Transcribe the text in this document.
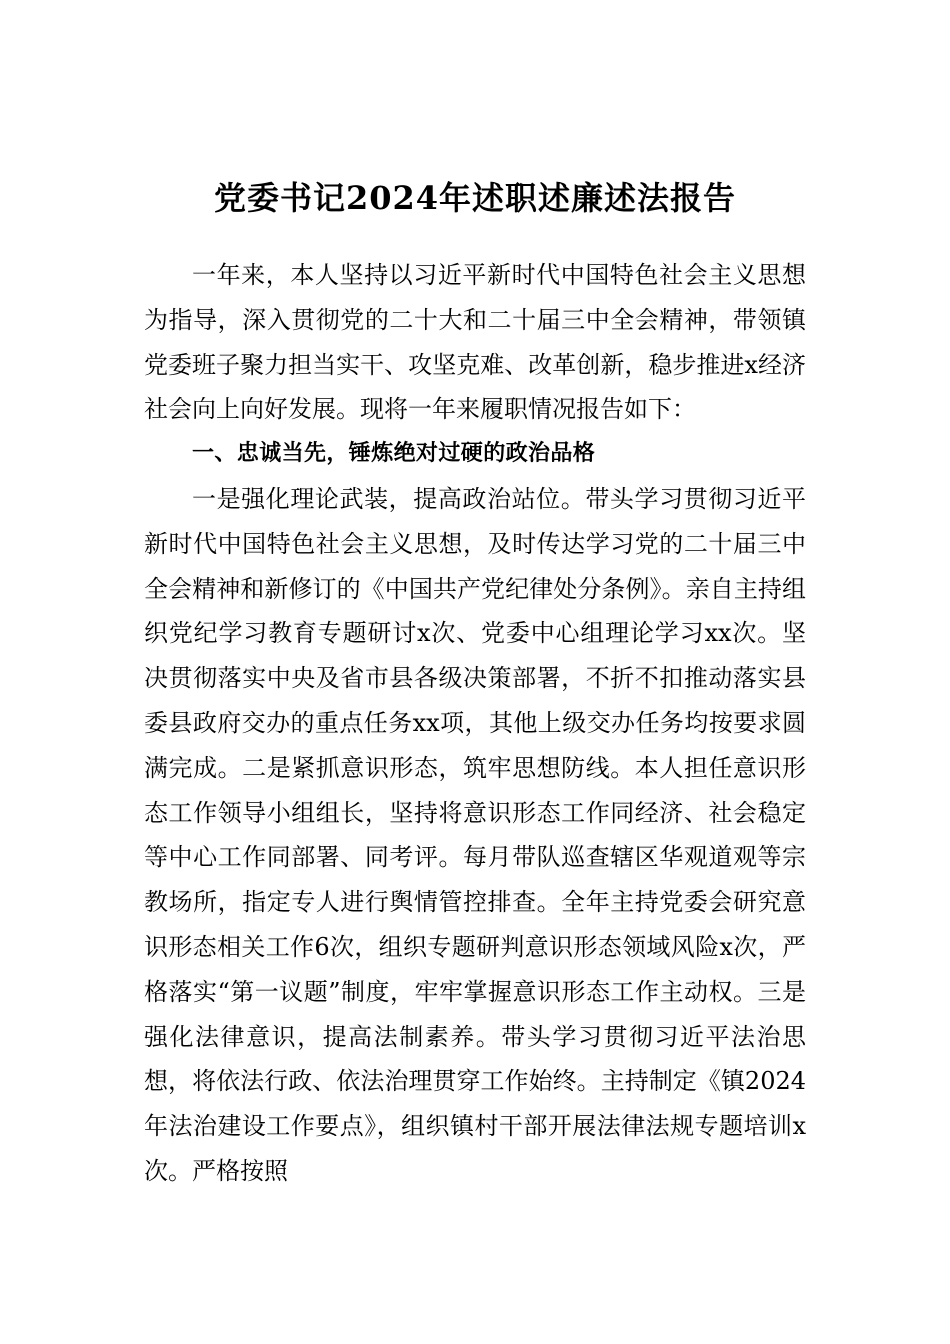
党委书记2024年述职述廉述法报告

一年来，本人坚持以习近平新时代中国特色社会主义思想为指导，深入贯彻党的二十大和二十届三中全会精神，带领镇党委班子聚力担当实干、攻坚克难、改革创新，稳步推进x经济社会向上向好发展。现将一年来履职情况报告如下：

一、忠诚当先，锤炼绝对过硬的政治品格

一是强化理论武装，提高政治站位。带头学习贯彻习近平新时代中国特色社会主义思想，及时传达学习党的二十届三中全会精神和新修订的《中国共产党纪律处分条例》。亲自主持组织党纪学习教育专题研讨x次、党委中心组理论学习xx次。坚决贯彻落实中央及省市县各级决策部署，不折不扣推动落实县委县政府交办的重点任务xx项，其他上级交办任务均按要求圆满完成。二是紧抓意识形态，筑牢思想防线。本人担任意识形态工作领导小组组长，坚持将意识形态工作同经济、社会稳定等中心工作同部署、同考评。每月带队巡查辖区华观道观等宗教场所，指定专人进行舆情管控排查。全年主持党委会研究意识形态相关工作6次，组织专题研判意识形态领域风险x次，严格落实“第一议题”制度，牢牢掌握意识形态工作主动权。三是强化法律意识，提高法制素养。带头学习贯彻习近平法治思想，将依法行政、依法治理贯穿工作始终。主持制定《镇2024年法治建设工作要点》，组织镇村干部开展法律法规专题培训x次。严格按照
